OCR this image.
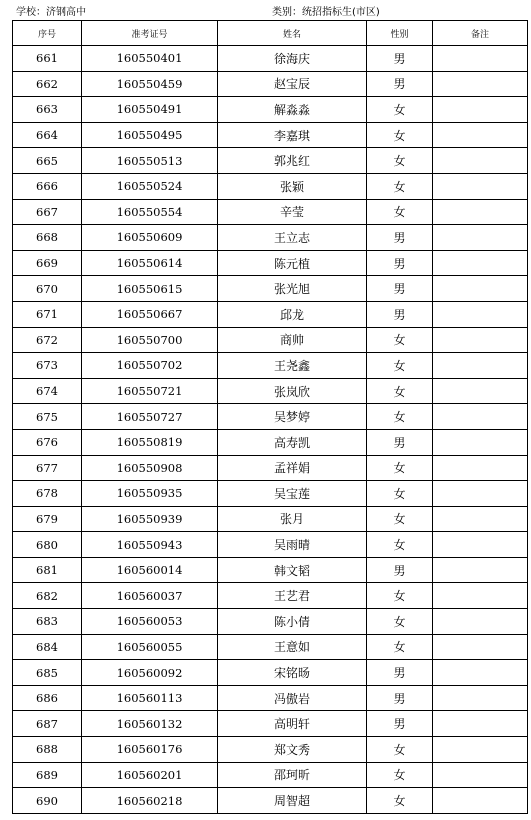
学校：济钢高中	类别：统招指标生(市区)
序号	准考证号	姓名	性别	备注
661	160550401	徐海庆	男	
662	160550459	赵宝辰	男	
663	160550491	解淼淼	女	
664	160550495	李嘉琪	女	
665	160550513	郭兆红	女	
666	160550524	张颖	女	
667	160550554	辛莹	女	
668	160550609	王立志	男	
669	160550614	陈元植	男	
670	160550615	张光旭	男	
671	160550667	邱龙	男	
672	160550700	商帅	女	
673	160550702	王尧鑫	女	
674	160550721	张岚欣	女	
675	160550727	吴梦婷	女	
676	160550819	高寿凯	男	
677	160550908	孟祥娟	女	
678	160550935	吴宝莲	女	
679	160550939	张月	女	
680	160550943	吴雨晴	女	
681	160560014	韩文韬	男	
682	160560037	王艺君	女	
683	160560053	陈小倩	女	
684	160560055	王意如	女	
685	160560092	宋铭旸	男	
686	160560113	冯傲岩	男	
687	160560132	高明轩	男	
688	160560176	郑文秀	女	
689	160560201	邵珂昕	女	
690	160560218	周智超	女	
